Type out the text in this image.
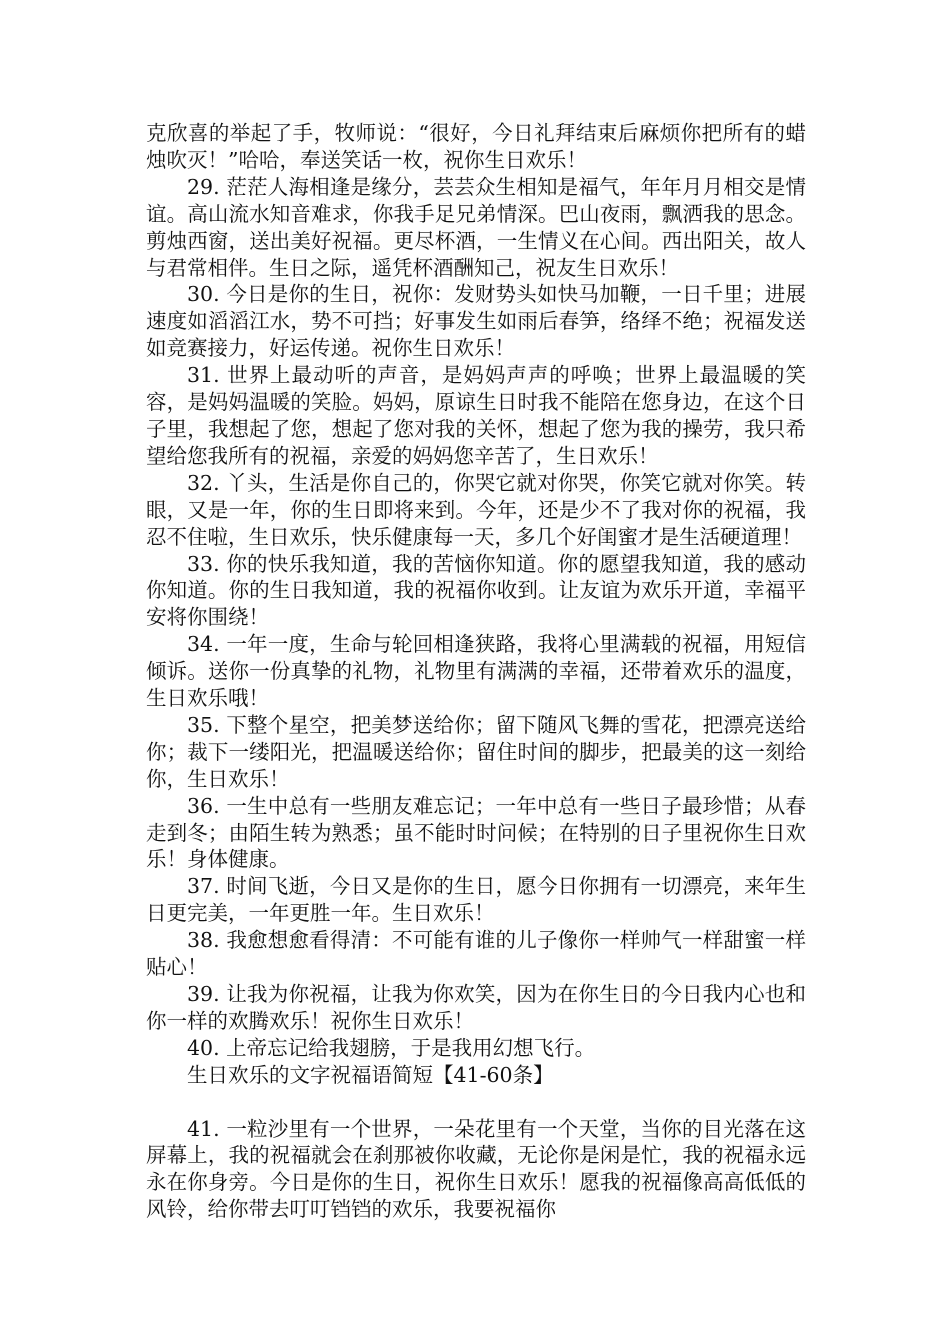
克欣喜的举起了手，牧师说：“很好，今日礼拜结束后麻烦你把所有的蜡烛吹灭！”哈哈，奉送笑话一枚，祝你生日欢乐！

29. 茫茫人海相逢是缘分，芸芸众生相知是福气，年年月月相交是情谊。高山流水知音难求，你我手足兄弟情深。巴山夜雨，飘洒我的思念。剪烛西窗，送出美好祝福。更尽杯酒，一生情义在心间。西出阳关，故人与君常相伴。生日之际，遥凭杯酒酬知己，祝友生日欢乐！

30. 今日是你的生日，祝你：发财势头如快马加鞭，一日千里；进展速度如滔滔江水，势不可挡；好事发生如雨后春笋，络绎不绝；祝福发送如竞赛接力，好运传递。祝你生日欢乐！

31. 世界上最动听的声音，是妈妈声声的呼唤；世界上最温暖的笑容，是妈妈温暖的笑脸。妈妈，原谅生日时我不能陪在您身边，在这个日子里，我想起了您，想起了您对我的关怀，想起了您为我的操劳，我只希望给您我所有的祝福，亲爱的妈妈您辛苦了，生日欢乐！

32. 丫头，生活是你自己的，你哭它就对你哭，你笑它就对你笑。转眼，又是一年，你的生日即将来到。今年，还是少不了我对你的祝福，我忍不住啦，生日欢乐，快乐健康每一天，多几个好闺蜜才是生活硬道理！

33. 你的快乐我知道，我的苦恼你知道。你的愿望我知道，我的感动你知道。你的生日我知道，我的祝福你收到。让友谊为欢乐开道，幸福平安将你围绕！

34. 一年一度，生命与轮回相逢狭路，我将心里满载的祝福，用短信倾诉。送你一份真挚的礼物，礼物里有满满的幸福，还带着欢乐的温度，生日欢乐哦！

35. 下整个星空，把美梦送给你；留下随风飞舞的雪花，把漂亮送给你；裁下一缕阳光，把温暖送给你；留住时间的脚步，把最美的这一刻给你，生日欢乐！

36. 一生中总有一些朋友难忘记；一年中总有一些日子最珍惜；从春走到冬；由陌生转为熟悉；虽不能时时问候；在特别的日子里祝你生日欢乐！身体健康。

37. 时间飞逝，今日又是你的生日，愿今日你拥有一切漂亮，来年生日更完美，一年更胜一年。生日欢乐！

38. 我愈想愈看得清：不可能有谁的儿子像你一样帅气一样甜蜜一样贴心！

39. 让我为你祝福，让我为你欢笑，因为在你生日的今日我内心也和你一样的欢腾欢乐！祝你生日欢乐！

40. 上帝忘记给我翅膀，于是我用幻想飞行。

生日欢乐的文字祝福语简短【41-60条】

41. 一粒沙里有一个世界，一朵花里有一个天堂，当你的目光落在这屏幕上，我的祝福就会在刹那被你收藏，无论你是闲是忙，我的祝福永远永在你身旁。今日是你的生日，祝你生日欢乐！愿我的祝福像高高低低的风铃，给你带去叮叮铛铛的欢乐，我要祝福你
